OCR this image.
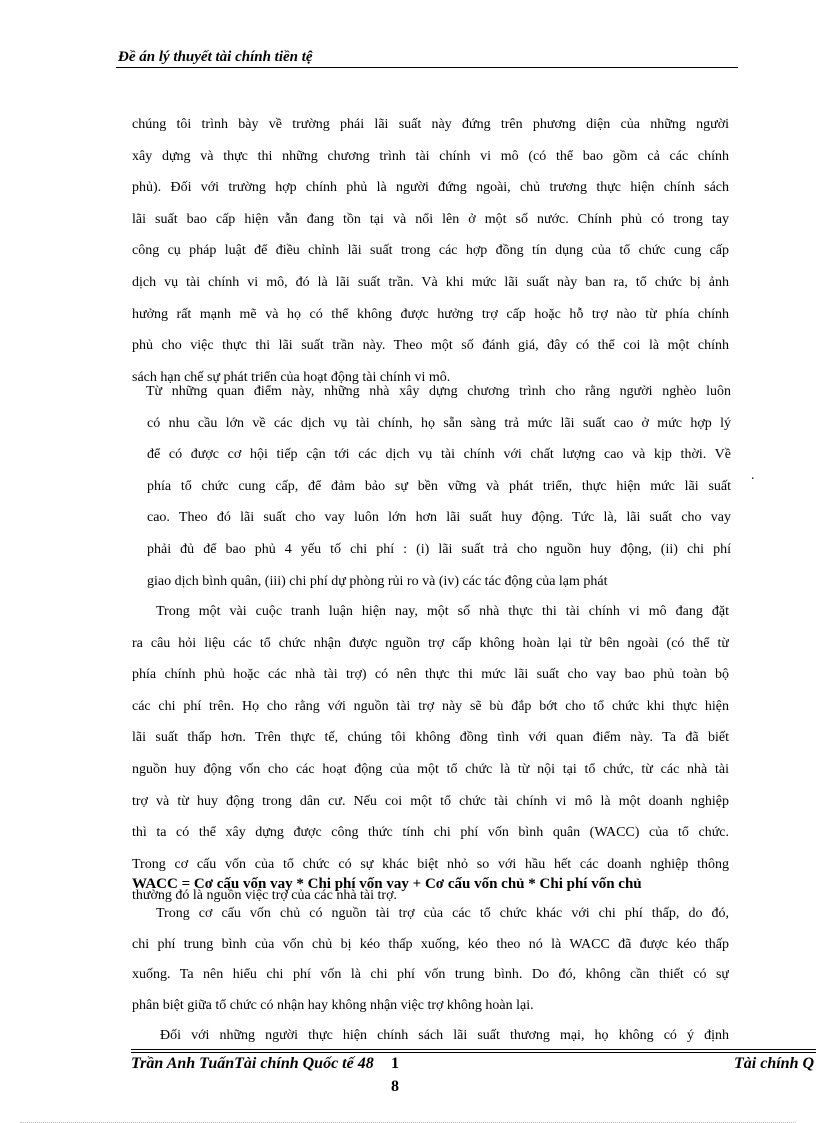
Đề án lý thuyết tài chính tiền tệ
chúng tôi trình bày về trường phái lãi suất này đứng trên phương diện của những người
xây dựng và thực thi những chương trình tài chính vi mô (có thể bao gồm cả các chính
phủ). Đối với trường hợp chính phủ là người đứng ngoài, chủ trương thực hiện chính sách
lãi suất bao cấp hiện vẫn đang tồn tại và nổi lên ở một số nước. Chính phủ có trong tay
công cụ pháp luật để điều chỉnh lãi suất trong các hợp đồng tín dụng của tổ chức cung cấp
dịch vụ tài chính vi mô, đó là lãi suất trần. Và khi mức lãi suất này ban ra, tổ chức bị ảnh
hưởng rất mạnh mẽ và họ có thể không được hưởng trợ cấp hoặc hỗ trợ nào từ phía chính
phủ cho việc thực thi lãi suất trần này. Theo một số đánh giá, đây có thể coi là một chính
sách hạn chế sự phát triển của hoạt động tài chính vi mô.
Từ những quan điểm này, những nhà xây dựng chương trình cho rằng người nghèo luôn
có nhu cầu lớn về các dịch vụ tài chính, họ sẵn sàng trả mức lãi suất cao ở mức hợp lý
để có được cơ hội tiếp cận tới các dịch vụ tài chính với chất lượng cao và kịp thời. Về
phía tổ chức cung cấp, để đảm bảo sự bền vững và phát triển, thực hiện mức lãi suất
cao. Theo đó lãi suất cho vay luôn lớn hơn lãi suất huy động. Tức là, lãi suất cho vay
phải đủ để bao phủ 4 yếu tố chi phí : (i) lãi suất trả cho nguồn huy động, (ii) chi phí
giao dịch bình quân, (iii) chi phí dự phòng rủi ro và (iv) các tác động của lạm phát
.
Trong một vài cuộc tranh luận hiện nay, một số nhà thực thi tài chính vi mô đang đặt
ra câu hỏi liệu các tổ chức nhận được nguồn trợ cấp không hoàn lại từ bên ngoài (có thể từ
phía chính phủ hoặc các nhà tài trợ) có nên thực thi mức lãi suất cho vay bao phủ toàn bộ
các chi phí trên. Họ cho rằng với nguồn tài trợ này sẽ bù đắp bớt cho tổ chức khi thực hiện
lãi suất thấp hơn. Trên thực tế, chúng tôi không đồng tình với quan điểm này. Ta đã biết
nguồn huy động vốn cho các hoạt động của một tổ chức là từ nội tại tổ chức, từ các nhà tài
trợ và từ huy động trong dân cư. Nếu coi một tổ chức tài chính vi mô là một doanh nghiệp
thì ta có thể xây dựng được công thức tính chi phí vốn bình quân (WACC) của tổ chức.
Trong cơ cấu vốn của tổ chức có sự khác biệt nhỏ so với hầu hết các doanh nghiệp thông
thường đó là nguồn việc trợ của các nhà tài trợ.
WACC = Cơ cấu vốn vay * Chi phí vốn vay + Cơ cấu vốn chủ * Chi phí vốn chủ
Trong cơ cấu vốn chủ có nguồn tài trợ của các tổ chức khác với chi phí thấp, do đó,
chi phí trung bình của vốn chủ bị kéo thấp xuống, kéo theo nó là WACC đã được kéo thấp
xuống. Ta nên hiểu chi phí vốn là chi phí vốn trung bình. Do đó, không cần thiết có sự
phân biệt giữa tổ chức có nhận hay không nhận việc trợ không hoàn lại.
Đối với những người thực hiện chính sách lãi suất thương mại, họ không có ý định
Trần Anh TuấnTài chính Quốc tế 48	1
8
Tài chính Q
